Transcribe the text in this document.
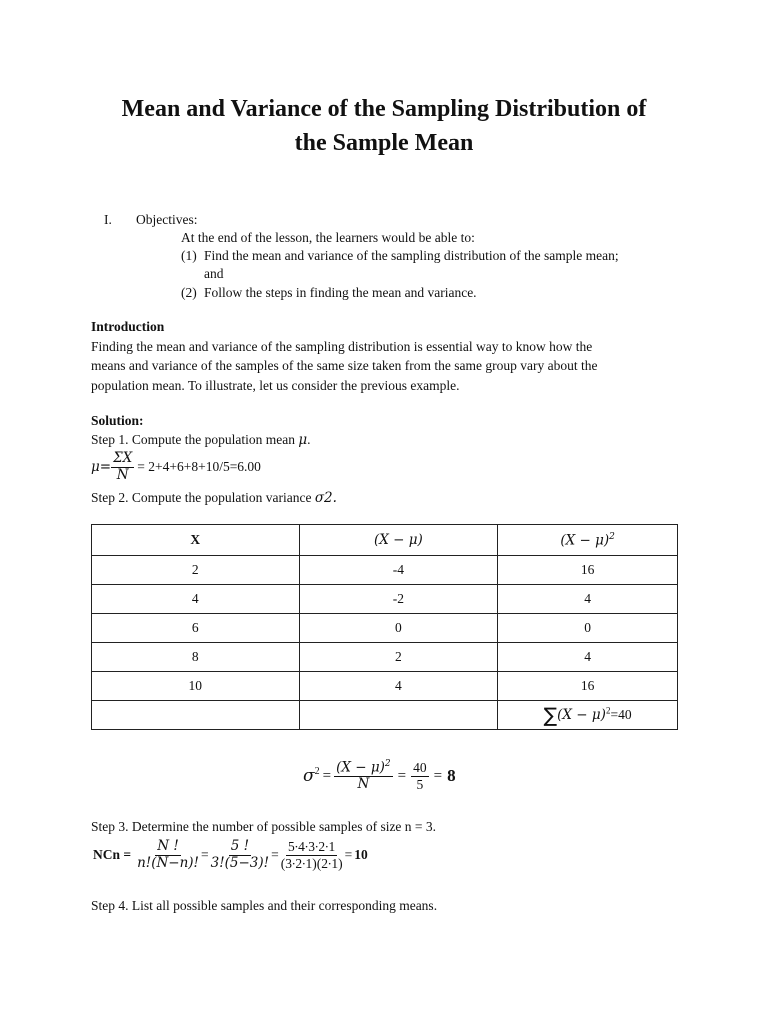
Mean and Variance of the Sampling Distribution of
the Sample Mean
I. Objectives:
At the end of the lesson, the learners would be able to:
(1) Find the mean and variance of the sampling distribution of the sample mean;
and
(2) Follow the steps in finding the mean and variance.
Introduction
Finding the mean and variance of the sampling distribution is essential way to know how the
means and variance of the samples of the same size taken from the same group vary about the
population mean. To illustrate, let us consider the previous example.
Solution:
Step 1. Compute the population mean μ.
$\mu= \frac{\Sigma X}{N} = 2+4+6+8+10/5=6.00$
Step 2. Compute the population variance σ2.
X	(X − μ)	$(X - \mu)^2$
2	-4	16
4	-2	4
6	0	0
8	2	4
10	4	16
		$\sum(X - \mu)^2=40$
$\sigma^2 = \frac{(X - \mu)^2}{N} = \frac{40}{5} = 8$
Step 3. Determine the number of possible samples of size n = 3.
NCn = $\frac{N !}{n!(N-n)!} = \frac{5 !}{3!(5-3)!} = \frac{5\cdot 4\cdot 3\cdot 2\cdot 1}{(3\cdot 2\cdot 1)(2\cdot 1)} = 10$
Step 4. List all possible samples and their corresponding means.
